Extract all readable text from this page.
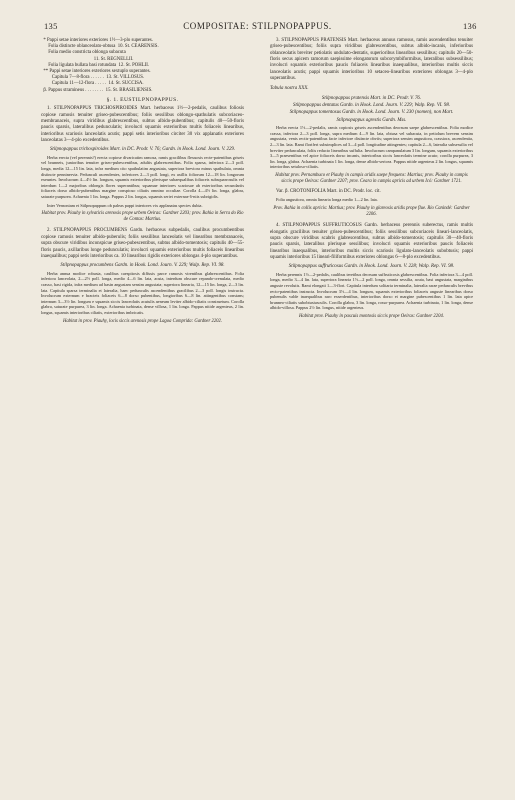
135	COMPOSITAE: STILPNOPAPPUS.	136
* Pappi setae interiores exteriores 1½—3-plo superantes.
Folia distincte oblanceolato-obtusa  10. St. CEARENSIS.
Folia medio constricta oblonga subacuta
11. St. REGNELLII.
Folia ligulata bullata basi rotundata  12. St. POHLII.
** Pappi setae interiores exteriores sextuplo superantes.
Capitula 7—8-flora . . . . . .  13. St. VILLOSUS.
Capitula 11—12-flora . . . . .  14. St. SUCCISA.
β. Pappus stramineus . . . . . . . .  15. St. BRASILIENSIS.
§. 1. EUSTILPNOPAPPUS.

1. STILPNOPAPPUS TRICHOSPIROIDES Mart. herbaceus 1½—2-pedalis, caulibus foliosis copiose ramosis tenuiter griseo-pubescentibus; foliis sessilibus oblongo-spathulatis subcoriaceo-membranaceis, supra viridibus glabrescentibus, subtus albido-pubentibus; capitulis 40—50-floris paucis sparsis, lateralibus pedunculatis; involucri squamis exterioribus multis foliaceis linearibus, interioribus scariosis lanceolatis acutis; pappi setis interioribus circiter 30 vix applanatis exteriores lanceolatas 3—4-plo excedentibus.

Stilpnopappus trichospiroides Mart. in DC. Prodr. V. 76; Gardn. in Hook. Lond. Journ. V. 229.

Herba erecta (vel perennis?) erecta copiose divaricatim ramosa, ramis gracilibus flexuosis recte-patentibus griseis vel brunneis, junioribus tenuiter griseo-pubescentibus, adultis glabrescentibus. Folia sparsa, inferiora 2—3 poll. longa, media 12—15 lin. lata, infra medium cito spathulatim angustata, superiora breviora minus spathulata, omnia distincte penninervia. Pedunculi ascendentes, inferiores 2—3 poll. longi, ex axillis foliorum 12—18 lin. longorum exeuntes. Involucrum 4—4½ lin. longum, squamis exterioribus plerisque subaequalibus foliaceis subsquarrosulis vel interdum 1—2 majoribus oblongis flores superantibus; squamae interiores scariosae ab exterioribus secundariis foliaceis dorso albido-pubentibus margine conspicuo ciliatis omnino occultae. Corolla 4—4½ lin. longa, glabra, saturate purpurea. Achaenia 1 lin. longa. Pappus 2 lin. longus, squamis seriei externae 6-niis subrigidis.

Inter Vernoniam et Stilpnopappum ob paleas pappi interiores vix applanatas species dubia.

Habitat prov. Piauhy in sylvaticis arenosis prope urbem Oeiras: Gardner 2203; prov. Bahia in Serra do Rio de Contas: Martius.

2. STILPNOPAPPUS PROCUMBENS Gardn. herbaceus subpedalis, caulibus procumbentibus copiose ramosis tenuiter albido-puberulis; foliis sessilibus lanceolatis vel linearibus membranaceis, supra obscure viridibus inconspicue griseo-pubescentibus, subtus albido-tomentosis; capitulis 40—55-floris paucis, axillaribus longe pedunculatis; involucri squamis exterioribus multis foliaceis linearibus inaequalibus; pappi setis interioribus ca. 10 linearibus rigidis exteriores oblongas 4-plo superantibus.

Stilpnopappus procumbens Gardn. in Hook. Lond. Journ. V. 229; Walp. Rep. VI. 98.

Herba annua modice robusta, caulibus caespitosis diffusis parce ramosis virentibus glabrescentibus. Folia inferiora lanceolata, 2—2½ poll. longa, medio 4—6 lin. lata, acuta, interdum obscure repando-crenulata, medio crasso, basi rigida, infra medium ad basin angustam sensim angustata; superiora linearia, 12—15 lin. longa, 2—3 lin. lata. Capitula sparsa terminalia et lateralia, haec pedunculis ascendentibus gracilibus 2—3 poll. longis instructa. Involucrum externum e bracteis foliaceis 6—8 dorso pubentibus, longioribus 6—8 lin. attingentibus constans; internum 3—3½ lin. longum e squamis siccis lanceolatis acutulis aeneum leviter albido-ciliatis construetum. Corolla glabra, saturate purpurea, 3 lin. longa. Achaenia turbinata, dense villosa, 1 lin. longa. Pappus nitide argenteus, 2 lin. longus, squamis interioribus ciliatis, exterioribus imbricatis.

Habitat in prov. Piauhy, locis siccis arenosis prope Lagoa Comprida: Gardner 2202.

3. STILPNOPAPPUS PRATENSIS Mart. herbaceus annuus ramosus, ramis ascendentibus tenuiter griseo-pubescentibus; foliis supra viridibus glabrescentibus, subtus albido-incanis, inferioribus oblanceolatis breviter petiolatis undulato-dentatis, superioribus linearibus sessilibus; capitulis 20—50-floris secus apicem ramorum saepissime elongatorum subcorymbiformibus, lateralibus subsessilibus; involucri squamis exterioribus paucis foliaceis linearibus inaequalibus, interioribus multis siccis lanceolatis acutis; pappi squamis interioribus 10 setaceo-linearibus exteriores oblongas 3—4-plo superantibus.

Tabula nostra XXX.

Stilpnopappus pratensis Mart. in DC. Prodr. V. 76.

Stilpnopappus dentatus Gardn. in Hook. Lond. Journ. V. 229; Walp. Rep. VI. 98.

Stilpnopappus tomentosus Gardn. in Hook. Lond. Journ. V. 230 (nomen), non Mart.

Stilpnopappus agrestis Gardn. Mss.

Herba erecta 1½—2-pedalis, ramis copiosis griseis ascendentibus deorsum saepe glabrescentibus. Folia modice crassa, inferiora 2—3 poll. longa, supra medium 4—9 lin. lata, obtusa vel subacuta, in petiolum brevem sensim angustata, venis rectis-patentibus facie inferiore distincte obviis; superiora sensim angustiora, crassiora, ascendentia, 2—3 lin. lata. Rami floriferi subsimplices ad 3—4 poll. longitudine attingentes; capitula 2—6, lateralia subsessilia vel breviter pedunculata, foliis reducto linearibus suffulta. Involucrum campanulatum 3 lin. longum, squamis exterioribus 3—5 praesentibus vel apice foliaceis dorso incanis, interioribus siccis lanceolatis termine acuto; corolla purpurea, 3 lin. longa, glabra. Achaenia turbinata 1 lin. longa, dense albido-sericea. Pappus nitide argenteus 2 lin. longus, squamis interioribus setuloso-ciliatis.

Habitat prov. Pernambuco et Piauhy in campis aridis saepe frequens: Martius; prov. Piauhy in campis siccis prope Oeiras: Gardner 2207; prov. Ceara in campis apricis ad urbem Icó: Gardner 1721.

Var. β. CROTONIFOLIA Mart. in DC. Prodr. loc. cit.

Folia angustiora, omnia linearia longa medio 1—2 lin. lata.

Prov. Bahia in collis apricis: Martius; prov. Piauhy in glareosis aridis prope flue. Rio Canindé: Gardner 2206.

4. STILPNOPAPPUS SUFFRUTICOSUS Gardn. herbaceus perennis suberectus, ramis multis elongatis gracilibus tenuiter griseo-pubescentibus; foliis sessilibus subcoriaceis lineari-lanceolatis, supra obscure viridibus scabris glabrescentibus, subtus albido-tomentosis; capitulis 30—40-floris paucis sparsis, lateralibus plerisque sessilibus; involucri squamis exterioribus paucis foliaceis linearibus inaequalibus, interioribus multis siccis scariosis ligulato-lanceolatis subobtusis; pappi squamis interioribus 15 lineari-filiformibus exteriores oblongas 6—8-plo excedentibus.

Stilpnopappus suffruticosus Gardn. in Hook. Lond. Journ. V. 228; Walp. Rep. VI. 98.

Herba perennis 1½—2-pedalis, caulibus teretibus deorsum suffruticosis glabrescentibus. Folia inferiora 3—4 poll. longa, medio 3—4 lin. lata, superiora linearia 1½—2 poll. longa, omnia sessilia, acuta, basi angustata, marginibus anguste revolutis. Rami elongati 1—3-flori. Capitula interdum solitaria terminalia, lateralia rarae pedunculis brevibus recto-patentibus instructa. Involucrum 3½—4 lin. longum, squamis exterioribus foliaceis anguste linearibus dorso pubenulis valde inaequalibus raro exserdentibus, interioribus dorso et margine pubescentibus 1 lin. lata apice brunneo-ciliatis subobtusiusculis. Corolla glabra, 3 lin. longa, rosso-purpurea. Achaenia turbinata, 1 lin. longa, dense albido-villosa. Pappus 2½ lin. longus, nitide argenteus.

Habitat prov. Piauhy in pascuis montosis siccis prope Oeiras: Gardner 2204.
